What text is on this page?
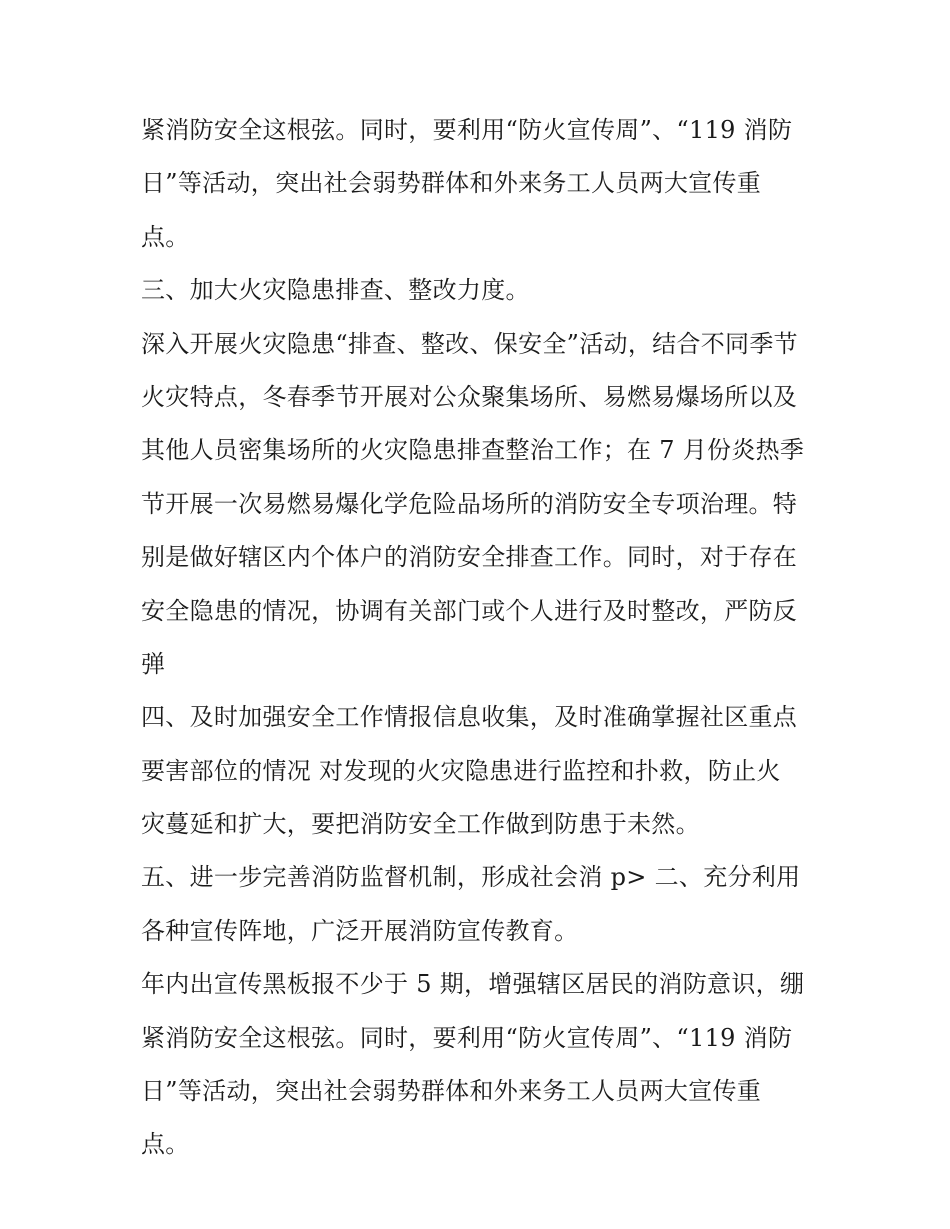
紧消防安全这根弦。同时，要利用“防火宣传周”、“119 消防
日”等活动，突出社会弱势群体和外来务工人员两大宣传重
点。
三、加大火灾隐患排查、整改力度。
深入开展火灾隐患“排查、整改、保安全”活动，结合不同季节
火灾特点，冬春季节开展对公众聚集场所、易燃易爆场所以及
其他人员密集场所的火灾隐患排查整治工作；在 7 月份炎热季
节开展一次易燃易爆化学危险品场所的消防安全专项治理。特
别是做好辖区内个体户的消防安全排查工作。同时，对于存在
安全隐患的情况，协调有关部门或个人进行及时整改，严防反
弹
四、及时加强安全工作情报信息收集，及时准确掌握社区重点
要害部位的情况 对发现的火灾隐患进行监控和扑救，防止火
灾蔓延和扩大，要把消防安全工作做到防患于未然。
五、进一步完善消防监督机制，形成社会消 p> 二、充分利用
各种宣传阵地，广泛开展消防宣传教育。
年内出宣传黑板报不少于 5 期，增强辖区居民的消防意识，绷
紧消防安全这根弦。同时，要利用“防火宣传周”、“119 消防
日”等活动，突出社会弱势群体和外来务工人员两大宣传重
点。
